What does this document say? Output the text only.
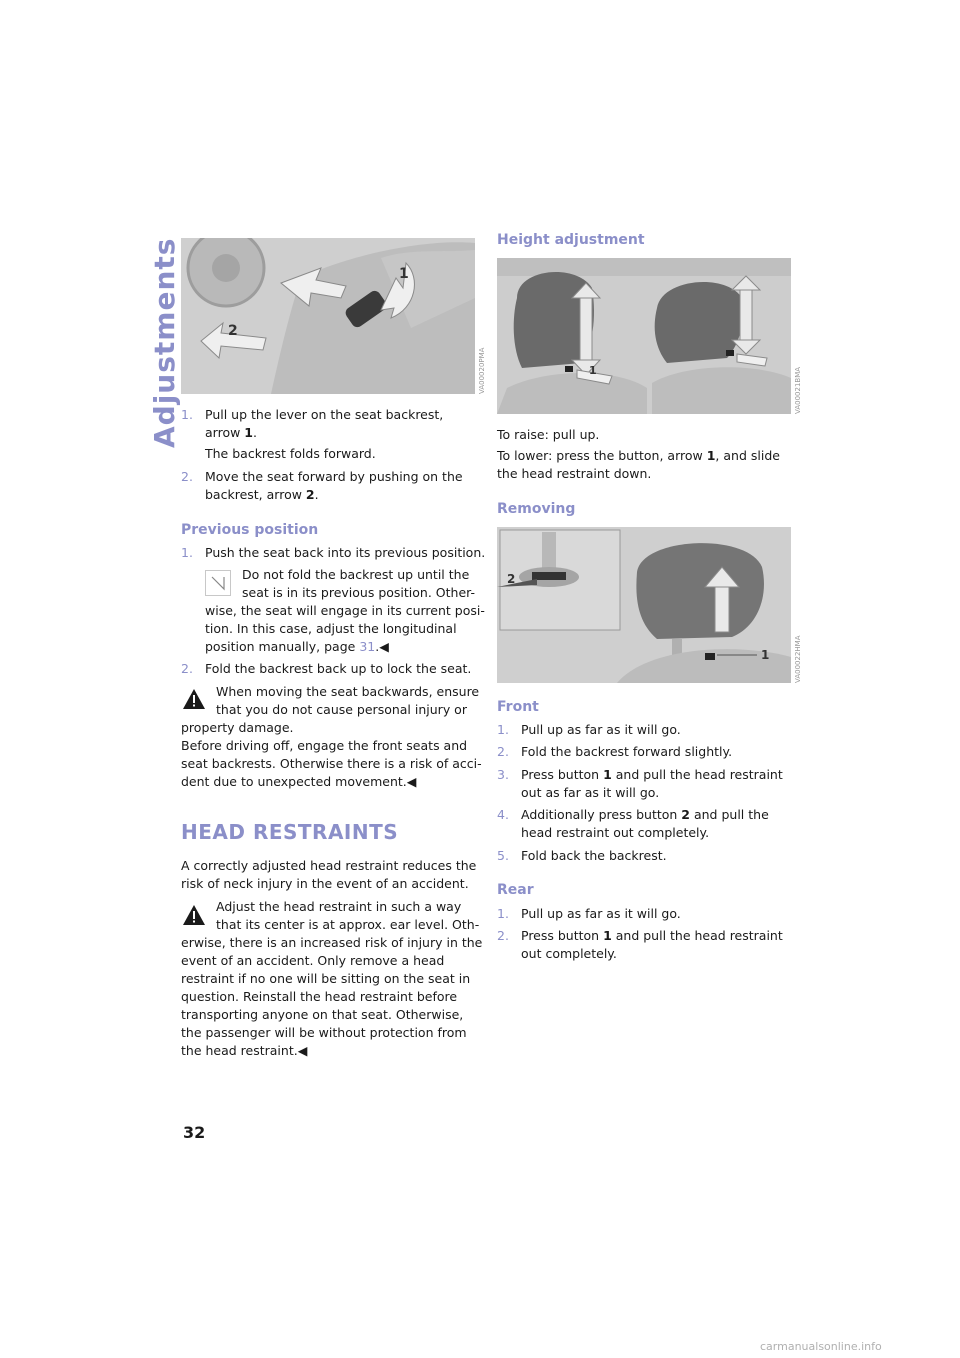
Adjustments	1
2
VA00020PMA
1. Pull up the lever on the seat backrest,
arrow 1.
The backrest folds forward.
2. Move the seat forward by pushing on the
backrest, arrow 2.
Previous position
1. Push the seat back into its previous position.
Do not fold the backrest up until the
seat is in its previous position. Other-
wise, the seat will engage in its current posi-
tion. In this case, adjust the longitudinal
position manually, page 31.◀
2. Fold the backrest back up to lock the seat.
When moving the seat backwards, ensure
that you do not cause personal injury or
property damage.
Before driving off, engage the front seats and
seat backrests. Otherwise there is a risk of acci-
dent due to unexpected movement.◀
HEAD RESTRAINTS
A correctly adjusted head restraint reduces the
risk of neck injury in the event of an accident.
Adjust the head restraint in such a way
that its center is at approx. ear level. Oth-
erwise, there is an increased risk of injury in the
event of an accident. Only remove a head
restraint if no one will be sitting on the seat in
question. Reinstall the head restraint before
transporting anyone on that seat. Otherwise,
the passenger will be without protection from
the head restraint.◀
Height adjustment
1	VA00021BMA
To raise: pull up.
To lower: press the button, arrow 1, and slide
the head restraint down.
Removing
2
1	VA00022HMA
Front
1. Pull up as far as it will go.
2. Fold the backrest forward slightly.
3. Press button 1 and pull the head restraint
out as far as it will go.
4. Additionally press button 2 and pull the
head restraint out completely.
5. Fold back the backrest.
Rear
1. Pull up as far as it will go.
2. Press button 1 and pull the head restraint
out completely.
32
carmanualsonline.info
